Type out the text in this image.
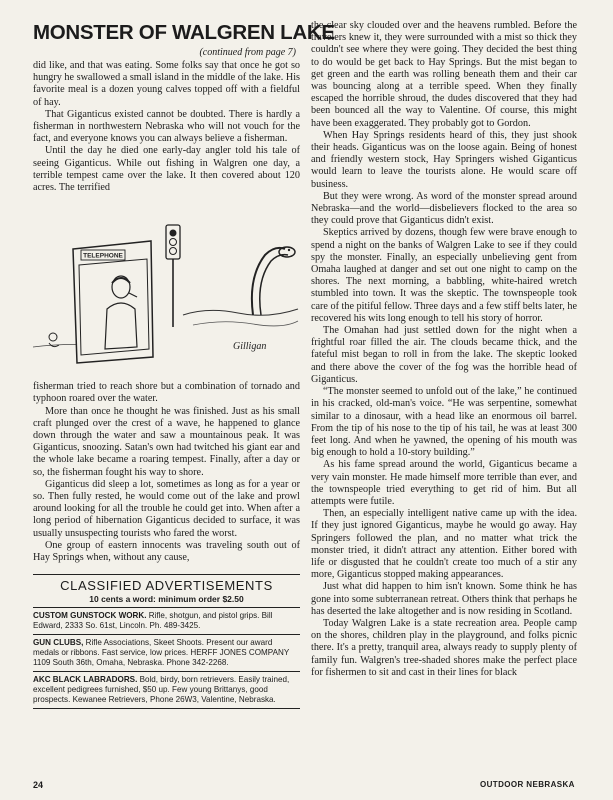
MONSTER OF WALGREN LAKE
(continued from page 7)

did like, and that was eating. Some folks say that once he got so hungry he swallowed a small island in the middle of the lake. His favorite meal is a dozen young calves topped off with a fieldful of hay.

That Giganticus existed cannot be doubted. There is hardly a fisherman in northwestern Nebraska who will not vouch for the fact, and everyone knows you can always believe a fisherman.

Until the day he died one early-day angler told his tale of seeing Giganticus. While out fishing in Walgren one day, a terrible tempest came over the lake. It then covered about 120 acres. The terrified

TELEPHONE
Gilligan

fisherman tried to reach shore but a combination of tornado and typhoon roared over the water.

More than once he thought he was finished. Just as his small craft plunged over the crest of a wave, he happened to glance down through the water and saw a mountainous peak. It was Giganticus, snoozing. Satan's own had twitched his giant ear and the whole lake became a roaring tempest. Finally, after a day or so, the fisherman fought his way to shore.

Giganticus did sleep a lot, sometimes as long as for a year or so. Then fully rested, he would come out of the lake and prowl around looking for all the trouble he could get into. When after a long period of hibernation Giganticus decided to surface, it was usually unsuspecting tourists who fared the worst.

One group of eastern innocents was traveling south out of Hay Springs when, without any cause,

CLASSIFIED ADVERTISEMENTS
10 cents a word: minimum order $2.50
CUSTOM GUNSTOCK WORK. Rifle, shotgun, and pistol grips. Bill Edward, 2333 So. 61st, Lincoln. Ph. 489-3425.
GUN CLUBS, Rifle Associations, Skeet Shoots. Present our award medals or ribbons. Fast service, low prices. HERFF JONES COMPANY 1109 South 36th, Omaha, Nebraska. Phone 342-2268.
AKC BLACK LABRADORS. Bold, birdy, born retrievers. Easily trained, excellent pedigrees furnished, $50 up. Few young Brittanys, good prospects. Kewanee Retrievers, Phone 26W3, Valentine, Nebraska.

the clear sky clouded over and the heavens rumbled. Before the travelers knew it, they were surrounded with a mist so thick they couldn't see where they were going. They decided the best thing to do would be get back to Hay Springs. But the mist began to get green and the earth was rolling beneath them and their car was bouncing along at a terrible speed. When they finally escaped the horrible shroud, the dudes discovered that they had been bounced all the way to Valentine. Of course, this might have been exaggerated. They probably got to Gordon.

When Hay Springs residents heard of this, they just shook their heads. Giganticus was on the loose again. Being of honest and friendly western stock, Hay Springers wished Giganticus would learn to leave the tourists alone. He would scare off business.

But they were wrong. As word of the monster spread around Nebraska—and the world—disbelievers flocked to the area so they could prove that Giganticus didn't exist.

Skeptics arrived by dozens, though few were brave enough to spend a night on the banks of Walgren Lake to see if they could spy the monster. Finally, an especially unbelieving gent from Omaha laughed at danger and set out one night to camp on the shores. The next morning, a babbling, white-haired wretch stumbled into town. It was the skeptic. The townspeople took care of the pitiful fellow. Three days and a few stiff belts later, he recovered his wits long enough to tell his story of horror.

The Omahan had just settled down for the night when a frightful roar filled the air. The clouds became thick, and the fateful mist began to roll in from the lake. The skeptic looked and there above the cover of the fog was the horrible head of Giganticus.

“The monster seemed to unfold out of the lake,” he continued in his cracked, old-man's voice. “He was serpentine, somewhat similar to a dinosaur, with a head like an enormous oil barrel. From the tip of his nose to the tip of his tail, he was at least 300 feet long. And when he yawned, the opening of his mouth was big enough to hold a 10-story building.”

As his fame spread around the world, Giganticus became a very vain monster. He made himself more terrible than ever, and the townspeople tried everything to get rid of him. But all attempts were futile.

Then, an especially intelligent native came up with the idea. If they just ignored Giganticus, maybe he would go away. Hay Springers followed the plan, and no matter what trick the monster tried, it didn't attract any attention. Either bored with life or disgusted that he couldn't create too much of a stir any more, Giganticus stopped making appearances.

Just what did happen to him isn't known. Some think he has gone into some subterranean retreat. Others think that perhaps he has deserted the lake altogether and is now residing in Scotland.

Today Walgren Lake is a state recreation area. People camp on the shores, children play in the playground, and folks picnic there. It's a pretty, tranquil area, always ready to supply plenty of family fun. Walgren's tree-shaded shores make the perfect place for fishermen to sit and cast in their lines for black

24	OUTDOOR NEBRASKA
